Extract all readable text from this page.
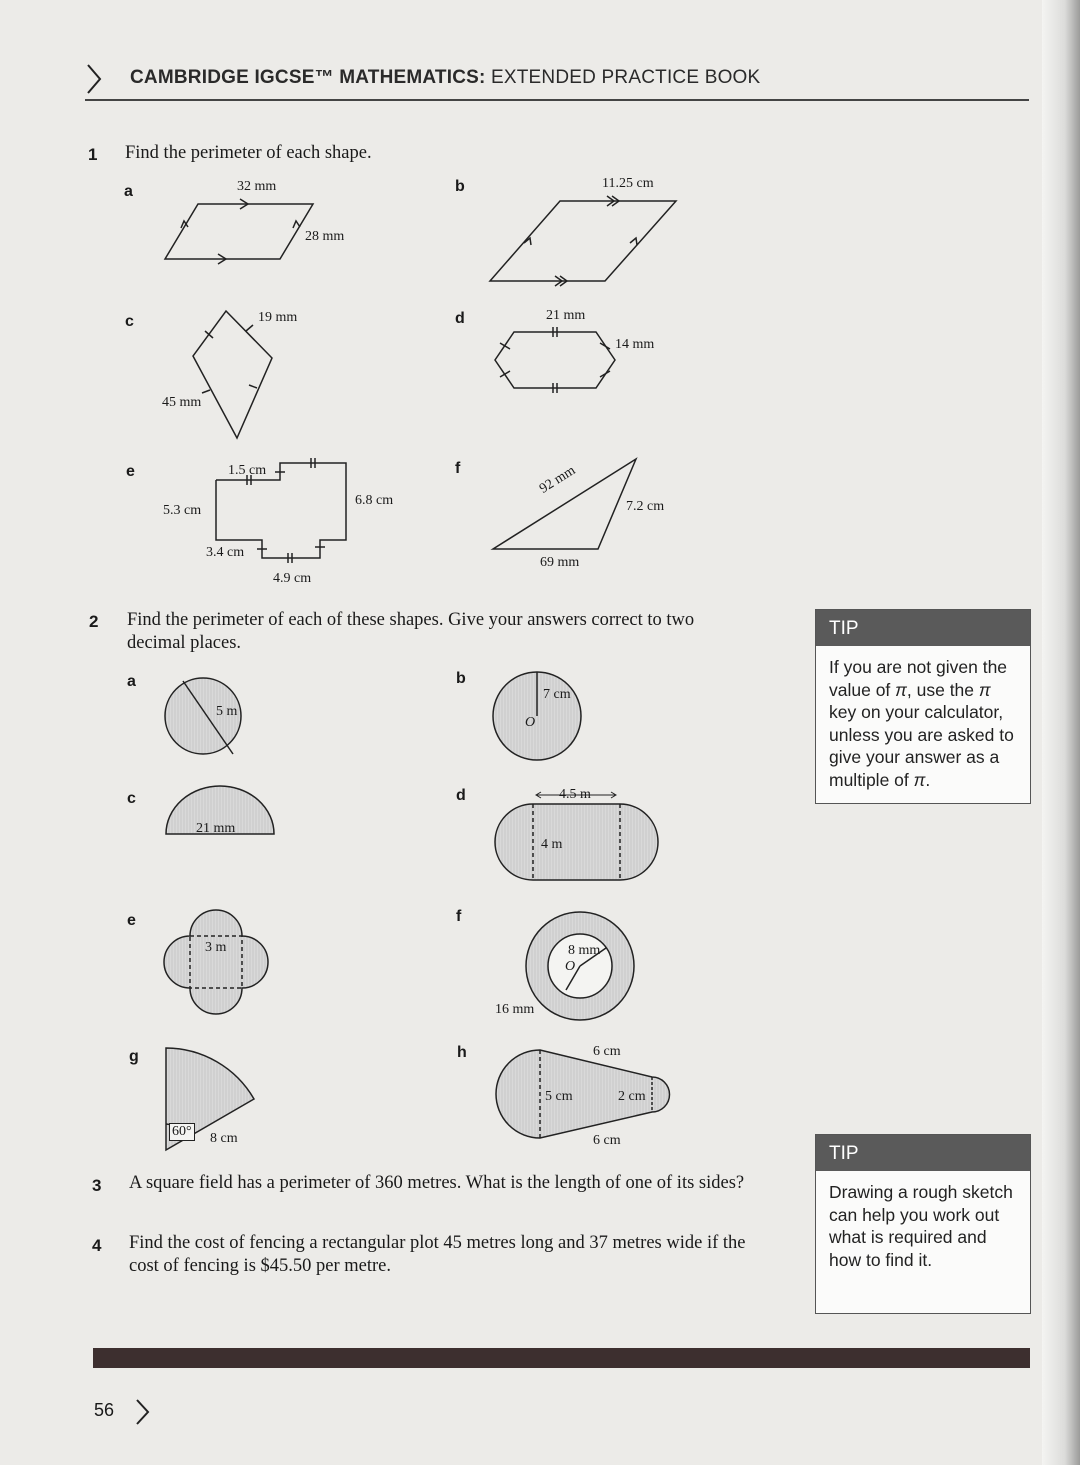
CAMBRIDGE IGCSE™ MATHEMATICS: EXTENDED PRACTICE BOOK
1 Find the perimeter of each shape.
2 Find the perimeter of each of these shapes. Give your answers correct to two decimal places.
3 A square field has a perimeter of 360 metres. What is the length of one of its sides?
4 Find the cost of fencing a rectangular plot 45 metres long and 37 metres wide if the cost of fencing is $45.50 per metre.
a	b
c	d
e	f
a	b
c	d
e	f
g	h
32 mm
28 mm
11.25 cm
19 mm
45 mm
21 mm
14 mm
1.5 cm
5.3 cm
6.8 cm
3.4 cm
4.9 cm
92 mm
7.2 cm
69 mm
5 m
7 cm
O
21 mm
4.5 m
4 m
3 m	8 mm
O
16 mm
60° 8 cm
6 cm
5 cm	2 cm
6 cm
TIP
If you are not given the value of π, use the π key on your calculator, unless you are asked to give your answer as a multiple of π.
TIP
Drawing a rough sketch can help you work out what is required and how to find it.
56
